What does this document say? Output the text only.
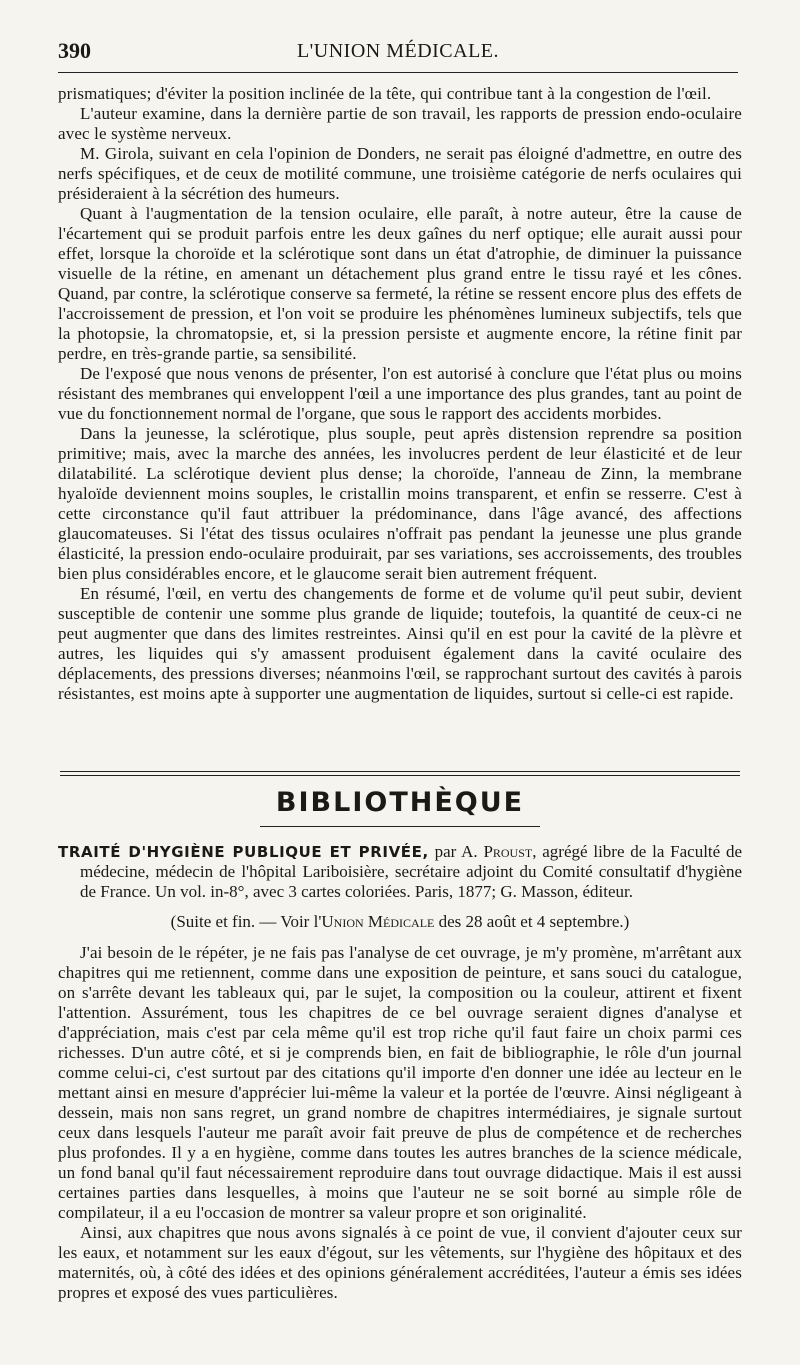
390	L'UNION MÉDICALE.

prismatiques; d'éviter la position inclinée de la tête, qui contribue tant à la congestion de l'œil.

L'auteur examine, dans la dernière partie de son travail, les rapports de pression endo-oculaire avec le système nerveux.

M. Girola, suivant en cela l'opinion de Donders, ne serait pas éloigné d'admettre, en outre des nerfs spécifiques, et de ceux de motilité commune, une troisième catégorie de nerfs oculaires qui présideraient à la sécrétion des humeurs.

Quant à l'augmentation de la tension oculaire, elle paraît, à notre auteur, être la cause de l'écartement qui se produit parfois entre les deux gaînes du nerf optique; elle aurait aussi pour effet, lorsque la choroïde et la sclérotique sont dans un état d'atrophie, de diminuer la puissance visuelle de la rétine, en amenant un détachement plus grand entre le tissu rayé et les cônes. Quand, par contre, la sclérotique conserve sa fermeté, la rétine se ressent encore plus des effets de l'accroissement de pression, et l'on voit se produire les phénomènes lumineux subjectifs, tels que la photopsie, la chromatopsie, et, si la pression persiste et augmente encore, la rétine finit par perdre, en très-grande partie, sa sensibilité.

De l'exposé que nous venons de présenter, l'on est autorisé à conclure que l'état plus ou moins résistant des membranes qui enveloppent l'œil a une importance des plus grandes, tant au point de vue du fonctionnement normal de l'organe, que sous le rapport des accidents morbides.

Dans la jeunesse, la sclérotique, plus souple, peut après distension reprendre sa position primitive; mais, avec la marche des années, les involucres perdent de leur élasticité et de leur dilatabilité. La sclérotique devient plus dense; la choroïde, l'anneau de Zinn, la membrane hyaloïde deviennent moins souples, le cristallin moins transparent, et enfin se resserre. C'est à cette circonstance qu'il faut attribuer la prédominance, dans l'âge avancé, des affections glaucomateuses. Si l'état des tissus oculaires n'offrait pas pendant la jeunesse une plus grande élasticité, la pression endo-oculaire produirait, par ses variations, ses accroissements, des troubles bien plus considérables encore, et le glaucome serait bien autrement fréquent.

En résumé, l'œil, en vertu des changements de forme et de volume qu'il peut subir, devient susceptible de contenir une somme plus grande de liquide; toutefois, la quantité de ceux-ci ne peut augmenter que dans des limites restreintes. Ainsi qu'il en est pour la cavité de la plèvre et autres, les liquides qui s'y amassent produisent également dans la cavité oculaire des déplacements, des pressions diverses; néanmoins l'œil, se rapprochant surtout des cavités à parois résistantes, est moins apte à supporter une augmentation de liquides, surtout si celle-ci est rapide.

BIBLIOTHÈQUE
TRAITÉ D'HYGIÈNE PUBLIQUE ET PRIVÉE, par A. Proust, agrégé libre de la Faculté de médecine, médecin de l'hôpital Lariboisière, secrétaire adjoint du Comité consultatif d'hygiène de France. Un vol. in-8°, avec 3 cartes coloriées. Paris, 1877; G. Masson, éditeur.
(Suite et fin. — Voir l'Union Médicale des 28 août et 4 septembre.)

J'ai besoin de le répéter, je ne fais pas l'analyse de cet ouvrage, je m'y promène, m'arrêtant aux chapitres qui me retiennent, comme dans une exposition de peinture, et sans souci du catalogue, on s'arrête devant les tableaux qui, par le sujet, la composition ou la couleur, attirent et fixent l'attention. Assurément, tous les chapitres de ce bel ouvrage seraient dignes d'analyse et d'appréciation, mais c'est par cela même qu'il est trop riche qu'il faut faire un choix parmi ces richesses. D'un autre côté, et si je comprends bien, en fait de bibliographie, le rôle d'un journal comme celui-ci, c'est surtout par des citations qu'il importe d'en donner une idée au lecteur en le mettant ainsi en mesure d'apprécier lui-même la valeur et la portée de l'œuvre. Ainsi négligeant à dessein, mais non sans regret, un grand nombre de chapitres intermédiaires, je signale surtout ceux dans lesquels l'auteur me paraît avoir fait preuve de plus de compétence et de recherches plus profondes. Il y a en hygiène, comme dans toutes les autres branches de la science médicale, un fond banal qu'il faut nécessairement reproduire dans tout ouvrage didactique. Mais il est aussi certaines parties dans lesquelles, à moins que l'auteur ne se soit borné au simple rôle de compilateur, il a eu l'occasion de montrer sa valeur propre et son originalité.

Ainsi, aux chapitres que nous avons signalés à ce point de vue, il convient d'ajouter ceux sur les eaux, et notamment sur les eaux d'égout, sur les vêtements, sur l'hygiène des hôpitaux et des maternités, où, à côté des idées et des opinions généralement accréditées, l'auteur a émis ses idées propres et exposé des vues particulières.
